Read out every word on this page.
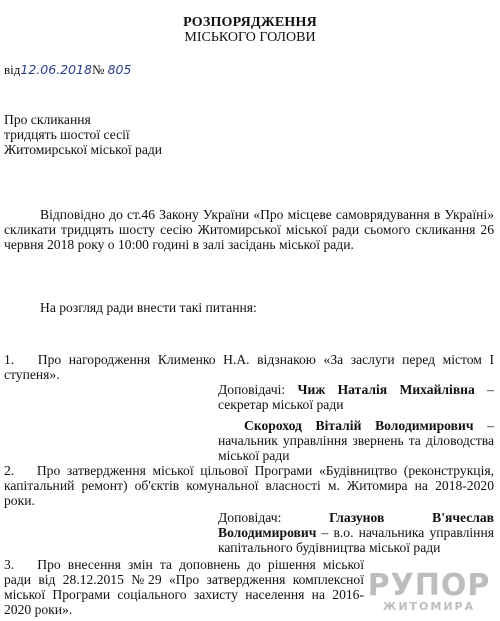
РОЗПОРЯДЖЕННЯ
МІСЬКОГО ГОЛОВИ
від12.06.2018№ 805
Про скликання
тридцять шостої сесії
Житомирської міської ради
Відповідно до ст.46 Закону України «Про місцеве самоврядування в Україні» скликати тридцять шосту сесію Житомирської міської ради сьомого скликання 26 червня 2018 року о 10:00 годині в залі засідань міської ради.
На розгляд ради внести такі питання:
1. Про нагородження Клименко Н.А. відзнакою «За заслуги перед містом І ступеня».
Доповідачі: Чиж Наталія Михайлівна – секретар міської ради
Скороход Віталій Володимирович – начальник управління звернень та діловодства міської ради
2. Про затвердження міської цільової Програми «Будівництво (реконструкція, капітальний ремонт) об'єктів комунальної власності м. Житомира на 2018-2020 роки.
Доповідач:	Глазунов В'ячеслав Володимирович – в.о. начальника управління капітального будівництва міської ради
3. Про внесення змін та доповнень до рішення міської ради від 28.12.2015 №29 «Про затвердження комплексної міської Програми соціального захисту населення на 2016-2020 роки».
РУПОР
ЖИТОМИРА
